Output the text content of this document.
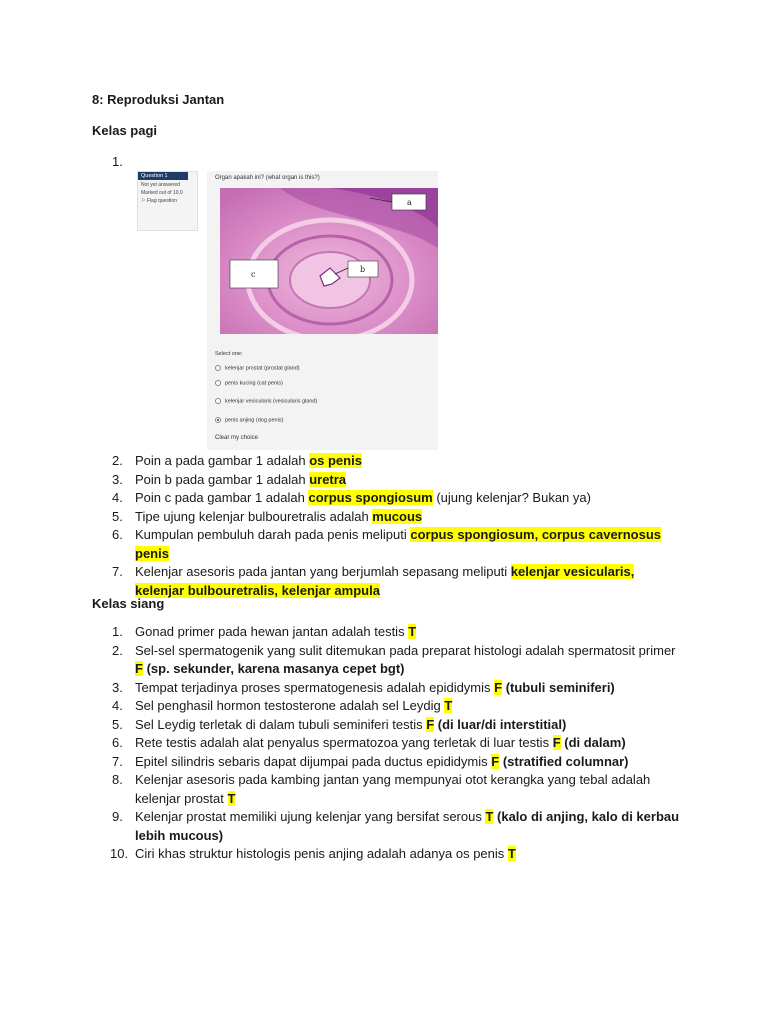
8: Reproduksi Jantan
Kelas pagi
1.

Question 1
Not yet answered
Marked out of 10.0
⚐ Flag question
Organ apakah ini? (what organ is this?)
Select one:
kelenjar prostat (prostat gland)
penis kucing (cat penis)
kelenjar vesicularis (vesicularis gland)
penis anjing (dog penis)
Clear my choice
a
b
c
2. Poin a pada gambar 1 adalah os penis
3. Poin b pada gambar 1 adalah uretra
4. Poin c pada gambar 1 adalah corpus spongiosum (ujung kelenjar? Bukan ya)
5. Tipe ujung kelenjar bulbouretralis adalah mucous
6. Kumpulan pembuluh darah pada penis meliputi corpus spongiosum, corpus cavernosus penis
7. Kelenjar asesoris pada jantan yang berjumlah sepasang meliputi kelenjar vesicularis, kelenjar bulbouretralis, kelenjar ampula
Kelas siang
1. Gonad primer pada hewan jantan adalah testis T
2. Sel-sel spermatogenik yang sulit ditemukan pada preparat histologi adalah spermatosit primer F (sp. sekunder, karena masanya cepet bgt)
3. Tempat terjadinya proses spermatogenesis adalah epididymis F (tubuli seminiferi)
4. Sel penghasil hormon testosterone adalah sel Leydig T
5. Sel Leydig terletak di dalam tubuli seminiferi testis F (di luar/di interstitial)
6. Rete testis adalah alat penyalus spermatozoa yang terletak di luar testis F (di dalam)
7. Epitel silindris sebaris dapat dijumpai pada ductus epididymis F (stratified columnar)
8. Kelenjar asesoris pada kambing jantan yang mempunyai otot kerangka yang tebal adalah kelenjar prostat T
9. Kelenjar prostat memiliki ujung kelenjar yang bersifat serous T (kalo di anjing, kalo di kerbau lebih mucous)
10. Ciri khas struktur histologis penis anjing adalah adanya os penis T
